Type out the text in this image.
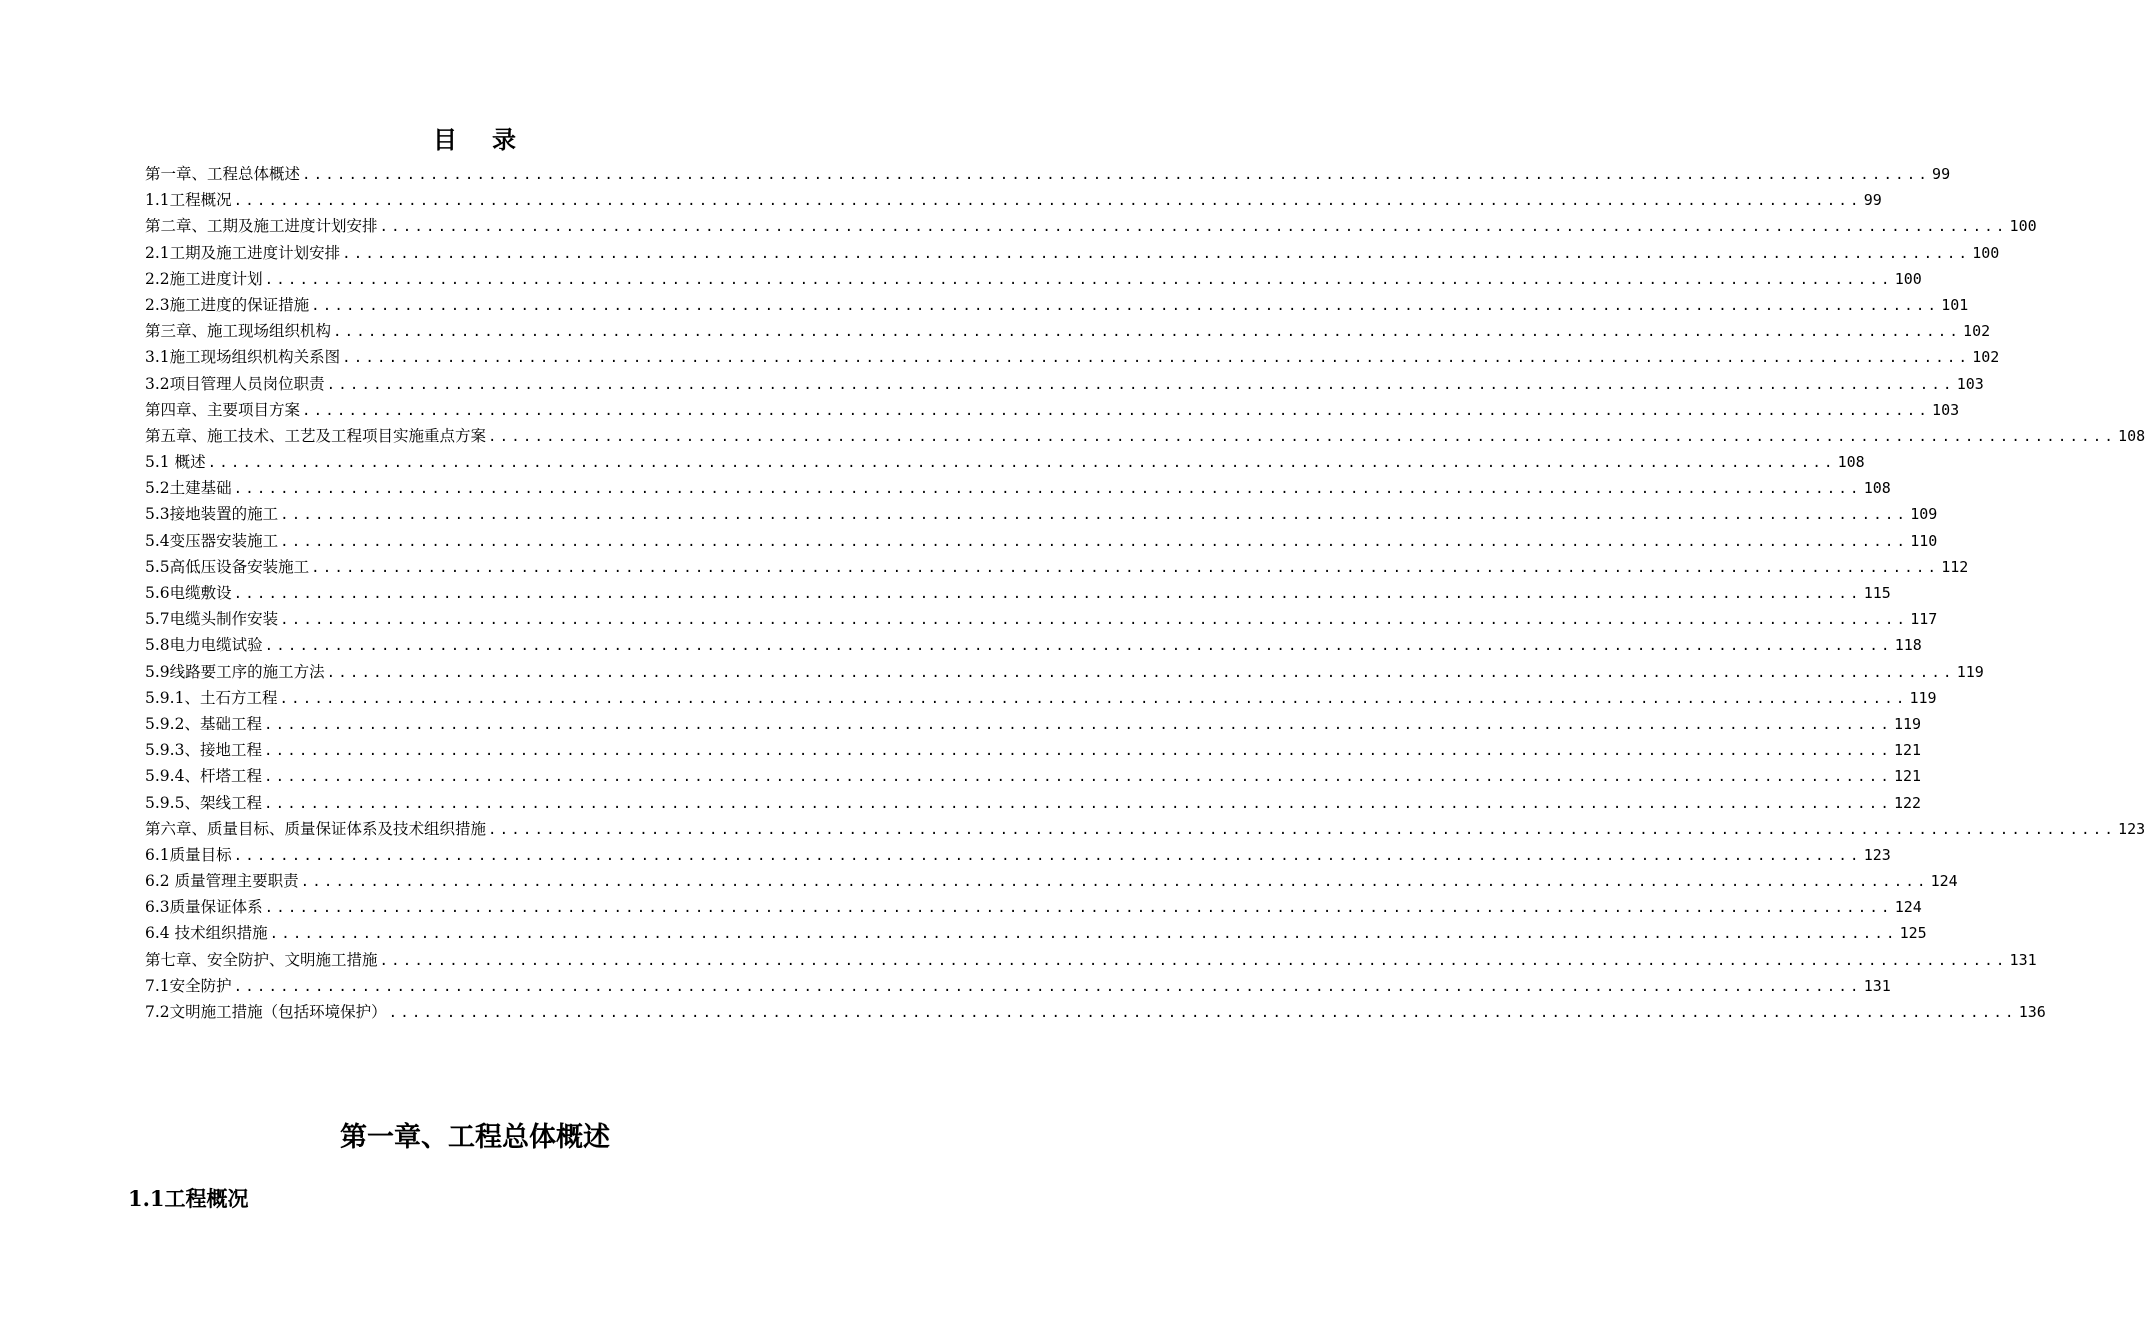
目 录
第一章、工程总体概述 ............................................................................................................................................ 99
1.1工程概况 ............................................................................................................................................ 99
第二章、工期及施工进度计划安排 ............................................................................................................................................ 100
2.1工期及施工进度计划安排 ............................................................................................................................................ 100
2.2施工进度计划 ............................................................................................................................................ 100
2.3施工进度的保证措施 ............................................................................................................................................ 101
第三章、施工现场组织机构 ............................................................................................................................................ 102
3.1施工现场组织机构关系图 ............................................................................................................................................ 102
3.2项目管理人员岗位职责 ............................................................................................................................................ 103
第四章、主要项目方案 ............................................................................................................................................ 103
第五章、施工技术、工艺及工程项目实施重点方案 ............................................................................................................................................ 108
5.1 概述 ............................................................................................................................................ 108
5.2土建基础 ............................................................................................................................................ 108
5.3接地装置的施工 ............................................................................................................................................ 109
5.4变压器安装施工 ............................................................................................................................................ 110
5.5高低压设备安装施工 ............................................................................................................................................ 112
5.6电缆敷设 ............................................................................................................................................ 115
5.7电缆头制作安装 ............................................................................................................................................ 117
5.8电力电缆试验 ............................................................................................................................................ 118
5.9线路要工序的施工方法 ............................................................................................................................................ 119
5.9.1、土石方工程 ............................................................................................................................................ 119
5.9.2、基础工程 ............................................................................................................................................ 119
5.9.3、接地工程 ............................................................................................................................................ 121
5.9.4、杆塔工程 ............................................................................................................................................ 121
5.9.5、架线工程 ............................................................................................................................................ 122
第六章、质量目标、质量保证体系及技术组织措施 ............................................................................................................................................ 123
6.1质量目标 ............................................................................................................................................ 123
6.2 质量管理主要职责 ............................................................................................................................................ 124
6.3质量保证体系 ............................................................................................................................................ 124
6.4 技术组织措施 ............................................................................................................................................ 125
第七章、安全防护、文明施工措施 ............................................................................................................................................ 131
7.1安全防护 ............................................................................................................................................ 131
7.2文明施工措施（包括环境保护） ............................................................................................................................................ 136
第一章、工程总体概述
1.1工程概况
